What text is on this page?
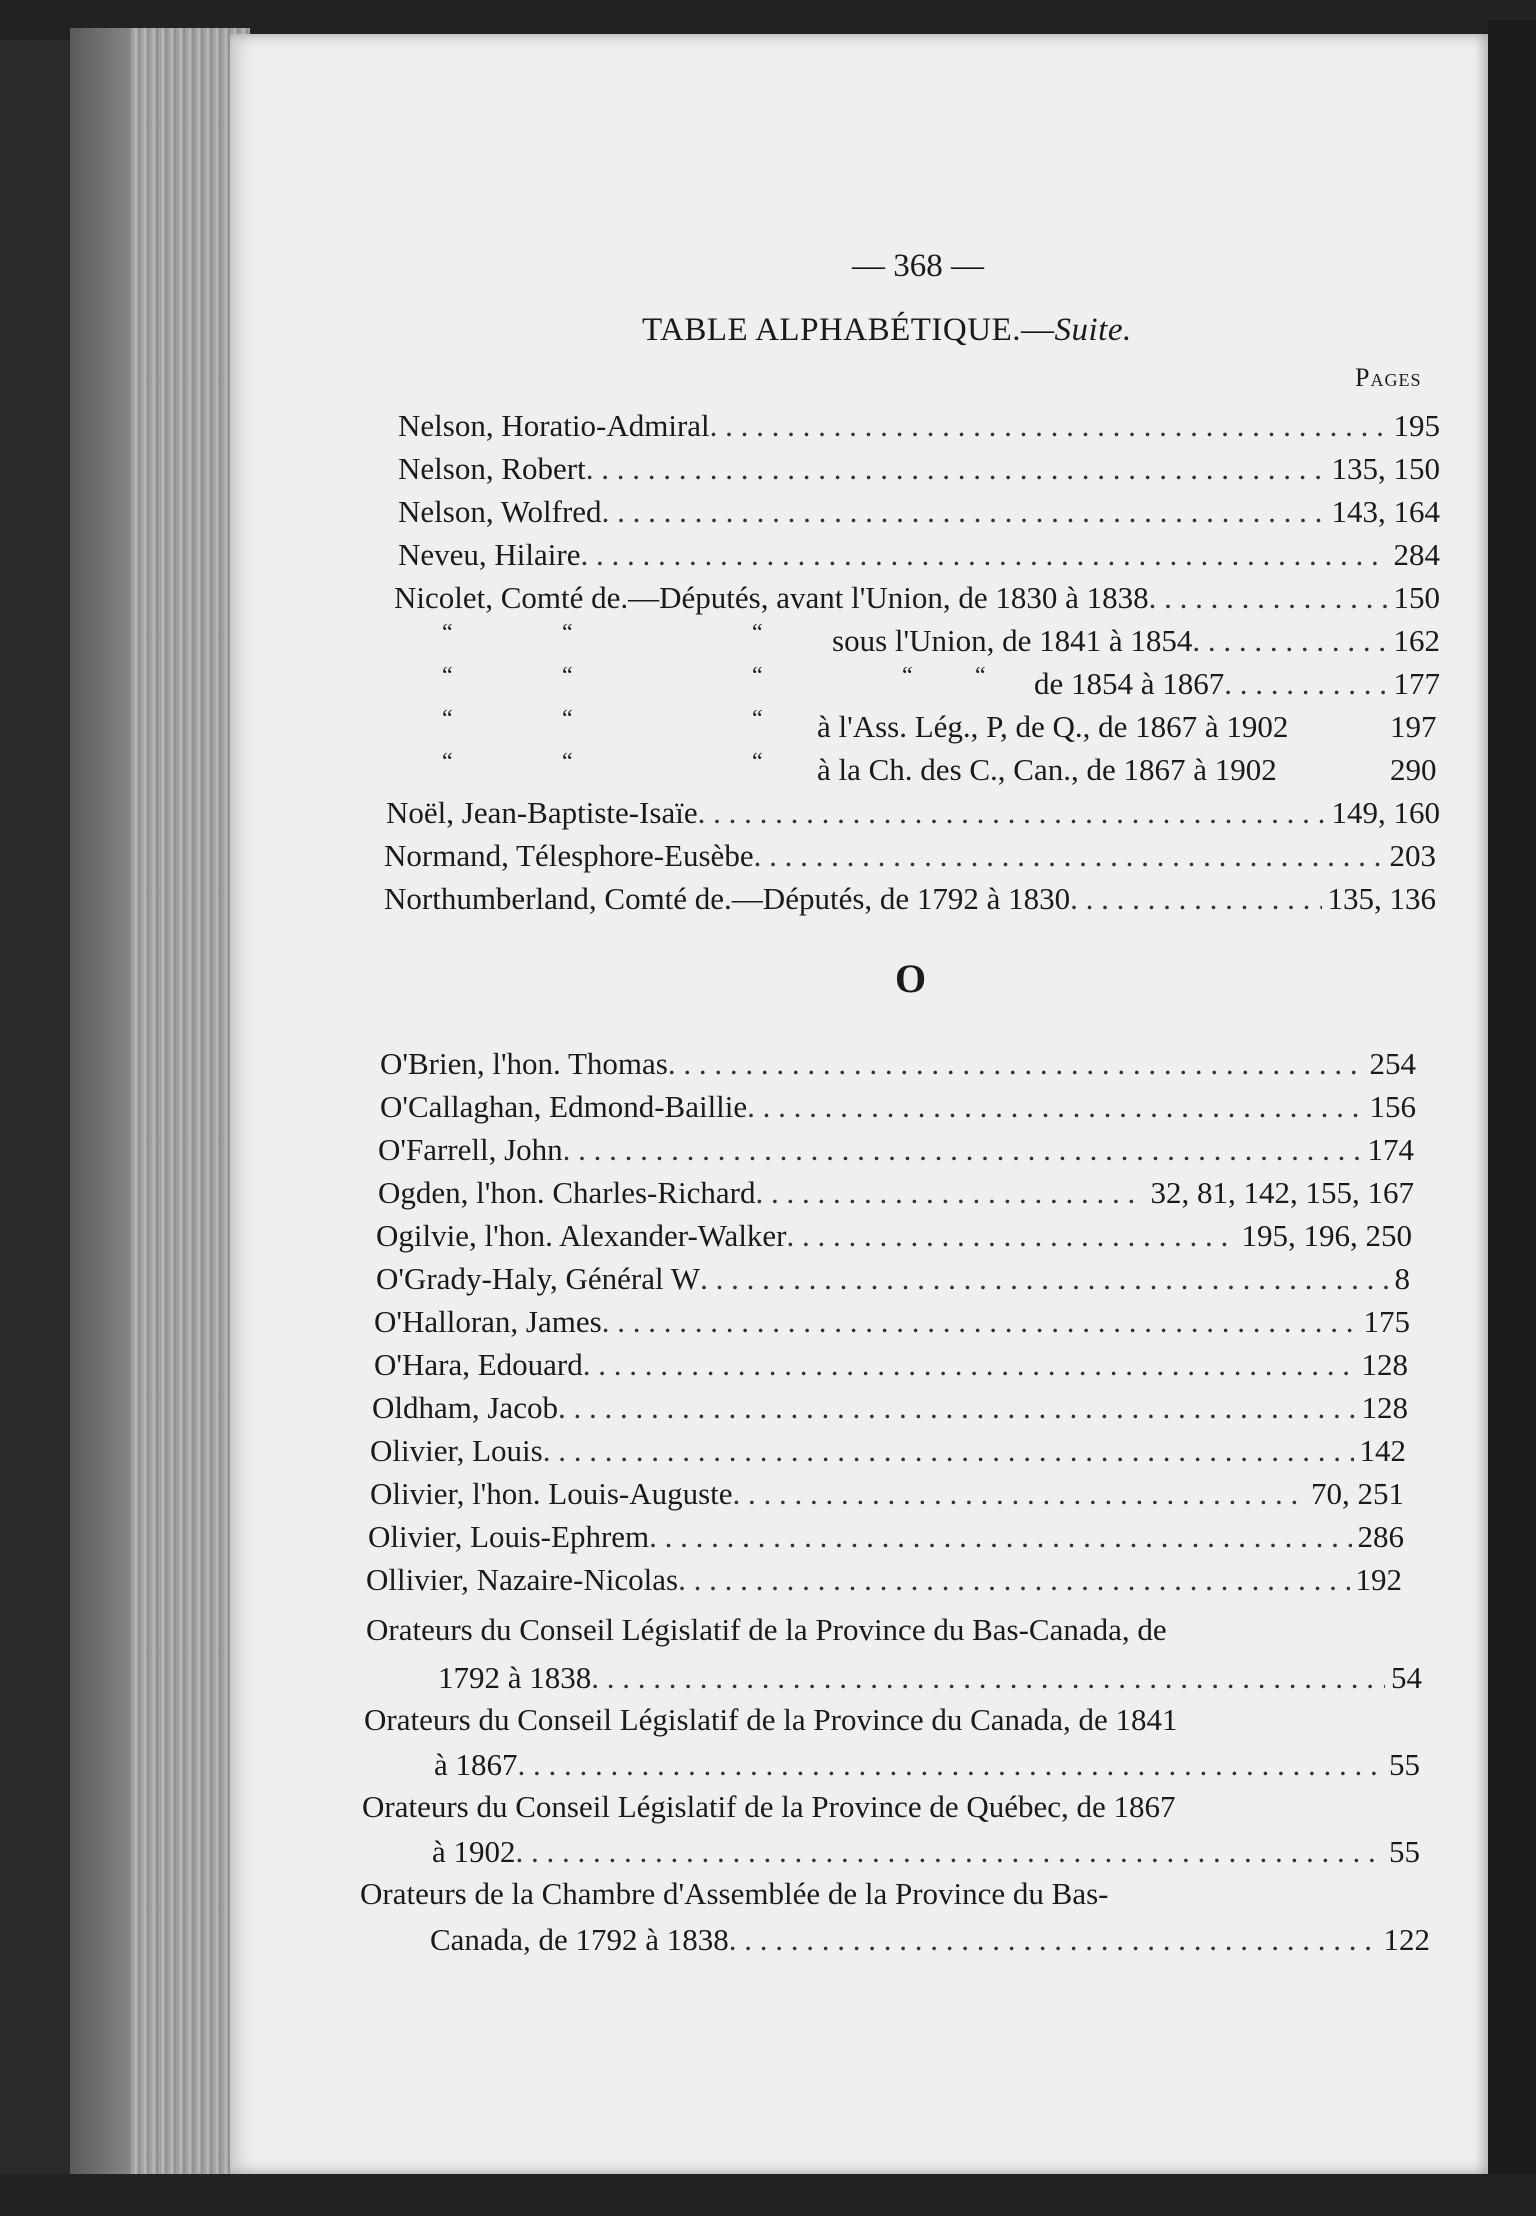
— 368 —
TABLE ALPHABÉTIQUE.—Suite.
Pages
Nelson, Horatio-Admiral . . .	195
Nelson, Robert . . .	135, 150
Nelson, Wolfred . . .	143, 164
Neveu, Hilaire . . .	284
Nicolet, Comté de.—Députés, avant l'Union, de 1830 à 1838 . . .	150
“	“	“ sous l'Union, de 1841 à 1854 . . .	162
“	“	“	“	“ de 1854 à 1867 . . .	177
“	“	“ à l'Ass. Lég., P, de Q., de 1867 à 1902	197
“	“	“ à la Ch. des C., Can., de 1867 à 1902	290
Noël, Jean-Baptiste-Isaïe . . .	149, 160
Normand, Télesphore-Eusèbe . . .	203
Northumberland, Comté de.—Députés, de 1792 à 1830 . . .	135, 136
O
O'Brien, l'hon. Thomas . . .	254
O'Callaghan, Edmond-Baillie . . .	156
O'Farrell, John . . .	174
Ogden, l'hon. Charles-Richard . . .	32, 81, 142, 155, 167
Ogilvie, l'hon. Alexander-Walker . . .	195, 196, 250
O'Grady-Haly, Général W . . .	8
O'Halloran, James . . .	175
O'Hara, Edouard . . .	128
Oldham, Jacob . . .	128
Olivier, Louis . . .	142
Olivier, l'hon. Louis-Auguste . . .	70, 251
Olivier, Louis-Ephrem . . .	286
Ollivier, Nazaire-Nicolas . . .	192
Orateurs du Conseil Législatif de la Province du Bas-Canada, de
1792 à 1838 . . .	54
Orateurs du Conseil Législatif de la Province du Canada, de 1841
à 1867 . . .	55
Orateurs du Conseil Législatif de la Province de Québec, de 1867
à 1902 . . .	55
Orateurs de la Chambre d'Assemblée de la Province du Bas-
Canada, de 1792 à 1838 . . .	122
